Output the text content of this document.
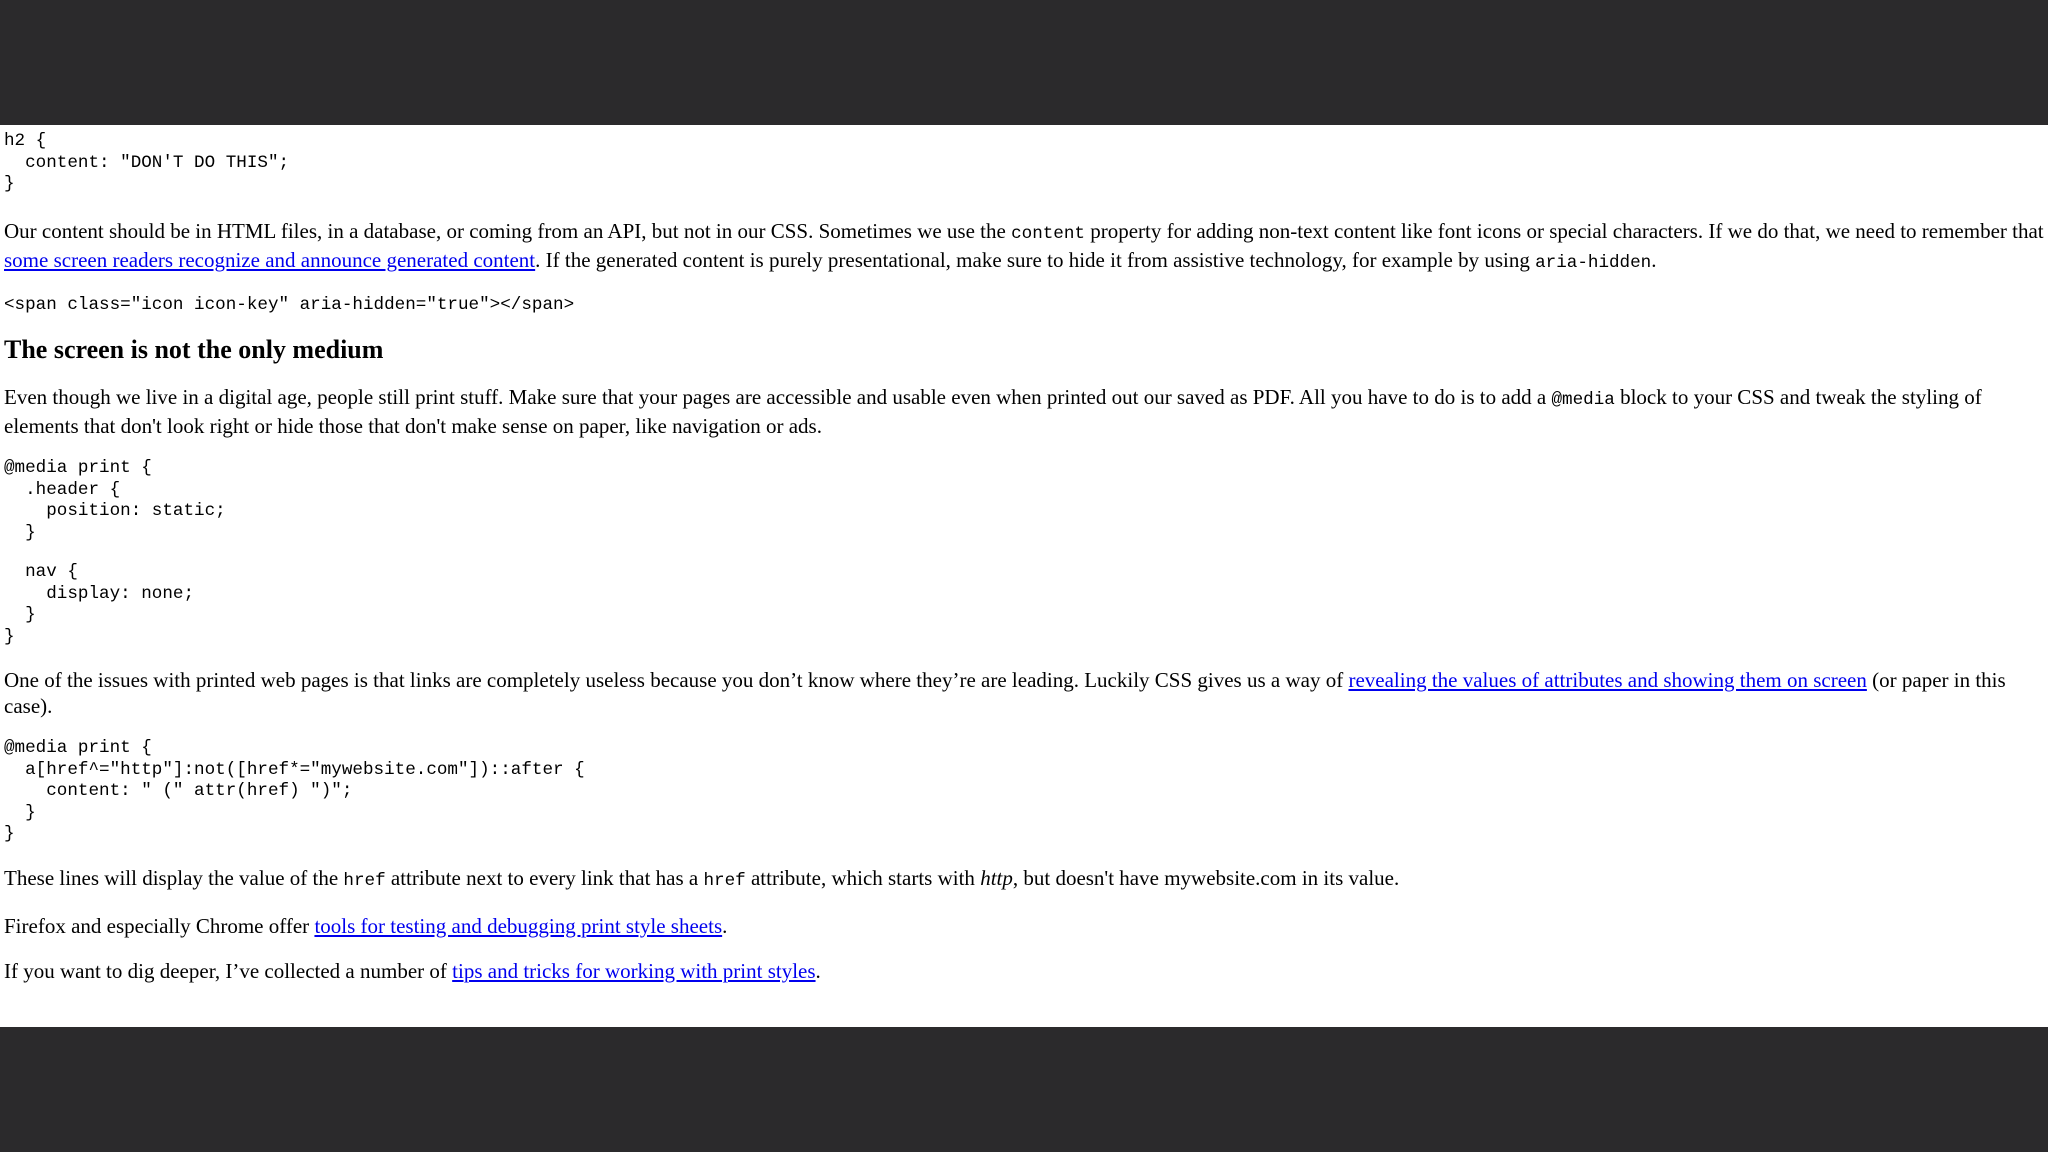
h2 {
content: "DON'T DO THIS";
}

Our content should be in HTML files, in a database, or coming from an API, but not in our CSS. Sometimes we use the content property for adding non-text content like font icons or special characters. If we do that, we need to remember that some screen readers recognize and announce generated content. If the generated content is purely presentational, make sure to hide it from assistive technology, for example by using aria-hidden.

<span class="icon icon-key" aria-hidden="true"></span>
The screen is not the only medium

Even though we live in a digital age, people still print stuff. Make sure that your pages are accessible and usable even when printed out our saved as PDF. All you have to do is to add a @media block to your CSS and tweak the styling of elements that don't look right or hide those that don't make sense on paper, like navigation or ads.

@media print {
.header {
position: static;
}
nav {
display: none;
}
}

One of the issues with printed web pages is that links are completely useless because you don’t know where they’re are leading. Luckily CSS gives us a way of revealing the values of attributes and showing them on screen (or paper in this case).

@media print {
a[href^="http"]:not([href*="mywebsite.com"])::after {
content: " (" attr(href) ")";
}
}

These lines will display the value of the href attribute next to every link that has a href attribute, which starts with http, but doesn't have mywebsite.com in its value.

Firefox and especially Chrome offer tools for testing and debugging print style sheets.

If you want to dig deeper, I’ve collected a number of tips and tricks for working with print styles.
